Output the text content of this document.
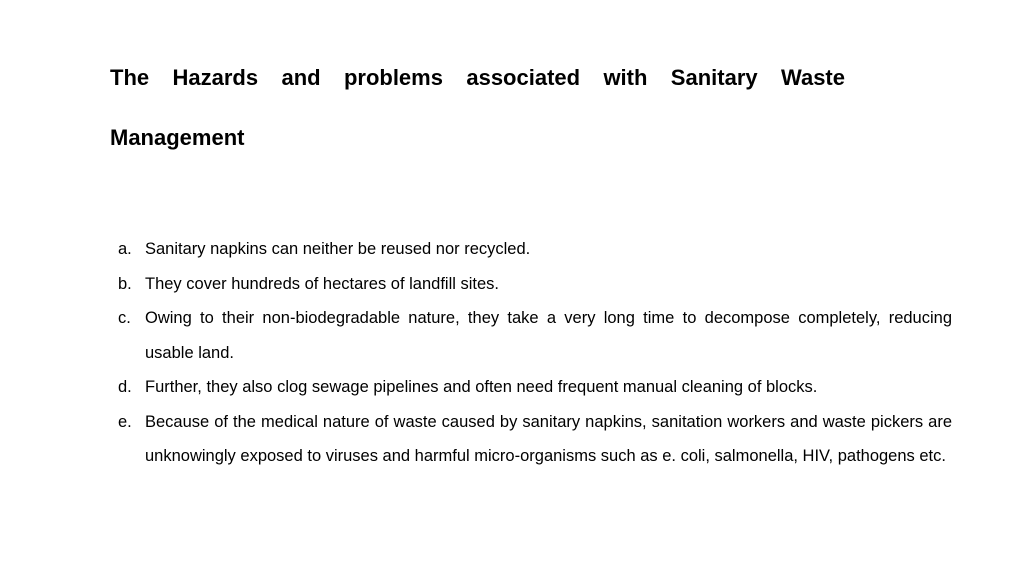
The Hazards and problems associated with Sanitary Waste Management
a. Sanitary napkins can neither be reused nor recycled.
b. They cover hundreds of hectares of landfill sites.
c. Owing to their non-biodegradable nature, they take a very long time to decompose completely, reducing usable land.
d. Further, they also clog sewage pipelines and often need frequent manual cleaning of blocks.
e. Because of the medical nature of waste caused by sanitary napkins, sanitation workers and waste pickers are unknowingly exposed to viruses and harmful micro-organisms such as e. coli, salmonella, HIV, pathogens etc.
